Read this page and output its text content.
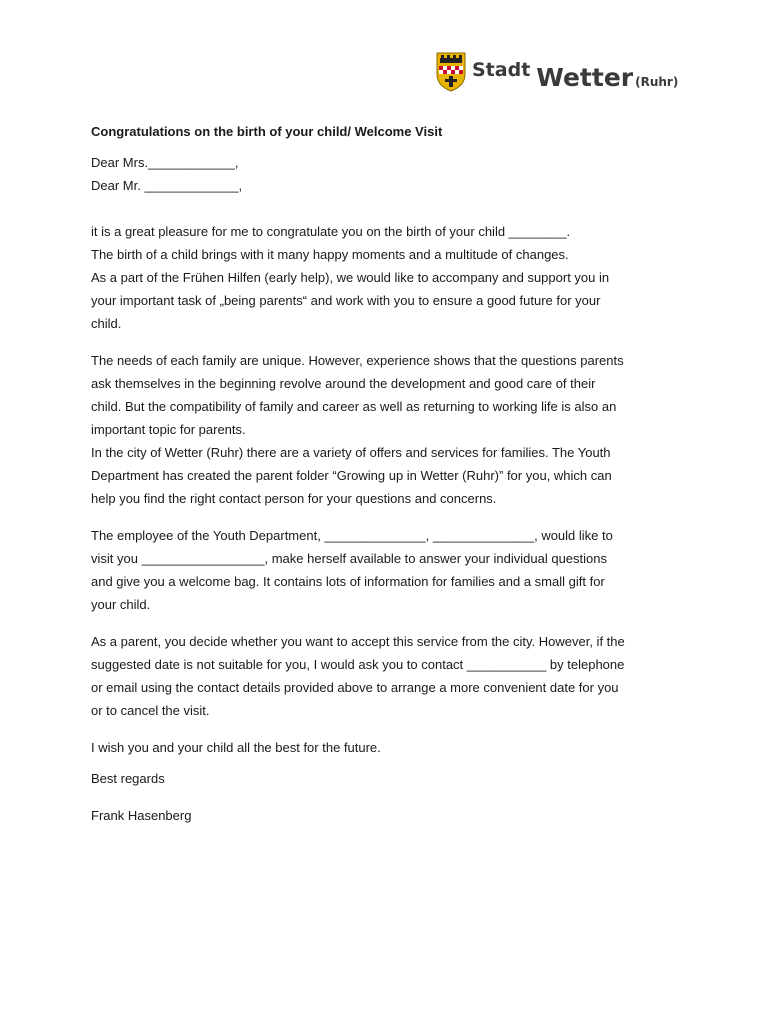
Stadt Wetter (Ruhr)

Congratulations on the birth of your child/ Welcome Visit

Dear Mrs.____________,

Dear Mr. _____________,

it is a great pleasure for me to congratulate you on the birth of your child ________.

The birth of a child brings with it many happy moments and a multitude of changes.

As a part of the Frühen Hilfen (early help), we would like to accompany and support you in

your important task of „being parents“ and work with you to ensure a good future for your

child.

The needs of each family are unique. However, experience shows that the questions parents

ask themselves in the beginning revolve around the development and good care of their

child. But the compatibility of family and career as well as returning to working life is also an

important topic for parents.

In the city of Wetter (Ruhr) there are a variety of offers and services for families. The Youth

Department has created the parent folder “Growing up in Wetter (Ruhr)” for you, which can

help you find the right contact person for your questions and concerns.

The employee of the Youth Department, ______________, ______________, would like to

visit you _________________, make herself available to answer your individual questions

and give you a welcome bag. It contains lots of information for families and a small gift for

your child.

As a parent, you decide whether you want to accept this service from the city. However, if the

suggested date is not suitable for you, I would ask you to contact ___________ by telephone

or email using the contact details provided above to arrange a more convenient date for you

or to cancel the visit.

I wish you and your child all the best for the future.

Best regards

Frank Hasenberg
